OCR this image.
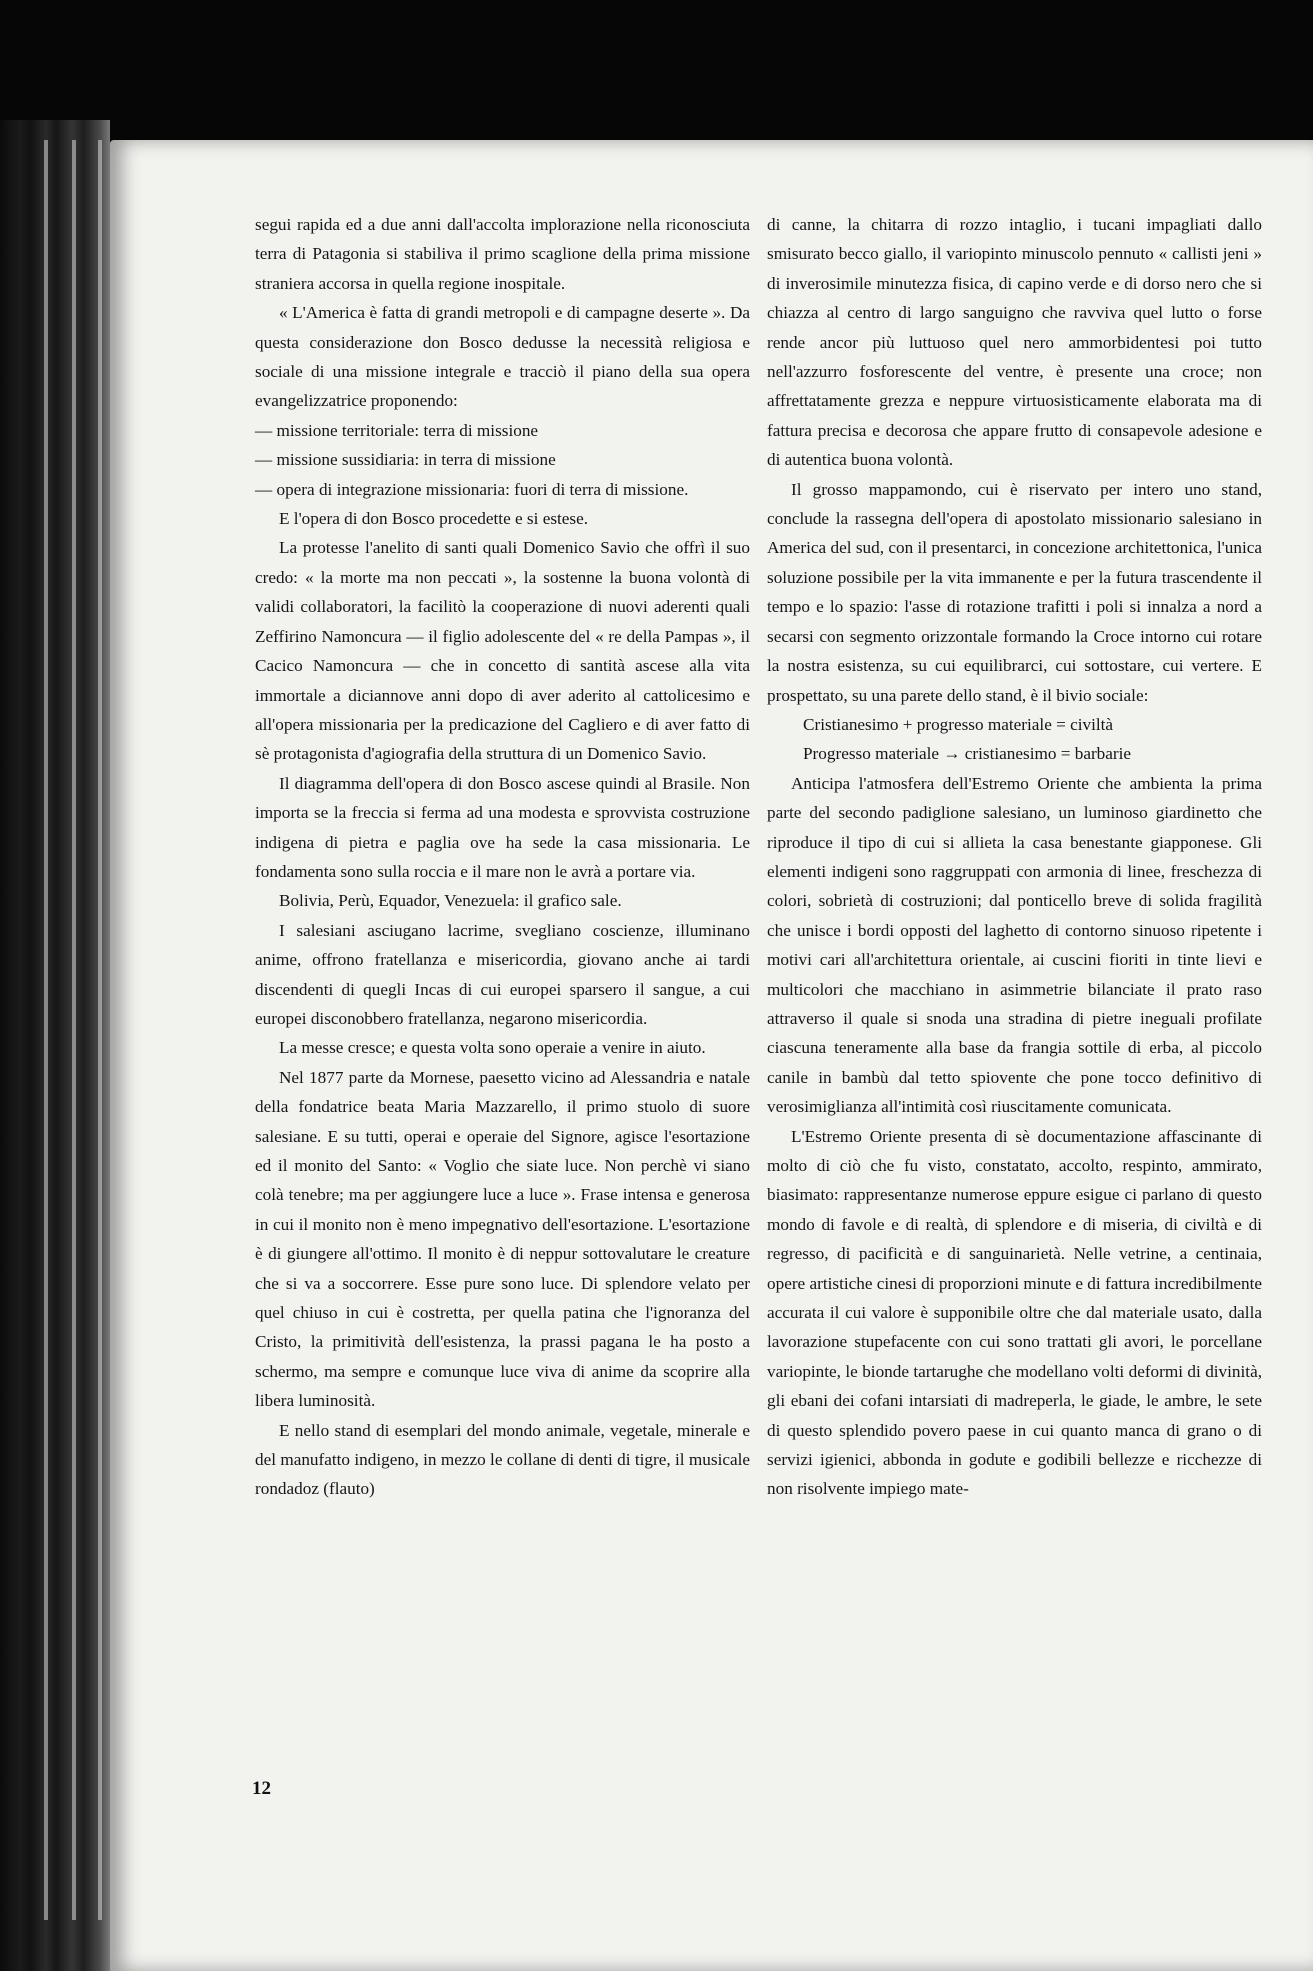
segui rapida ed a due anni dall'accolta implorazione nella riconosciuta terra di Patagonia si stabiliva il primo scaglione della prima missione straniera accorsa in quella regione inospitale.

« L'America è fatta di grandi metropoli e di campagne deserte ». Da questa considerazione don Bosco dedusse la necessità religiosa e sociale di una missione integrale e tracciò il piano della sua opera evangelizzatrice proponendo:

— missione territoriale: terra di missione

— missione sussidiaria: in terra di missione

— opera di integrazione missionaria: fuori di terra di missione.

E l'opera di don Bosco procedette e si estese.

La protesse l'anelito di santi quali Domenico Savio che offrì il suo credo: « la morte ma non peccati », la sostenne la buona volontà di validi collaboratori, la facilitò la cooperazione di nuovi aderenti quali Zeffirino Namoncura — il figlio adolescente del « re della Pampas », il Cacico Namoncura — che in concetto di santità ascese alla vita immortale a diciannove anni dopo di aver aderito al cattolicesimo e all'opera missionaria per la predicazione del Cagliero e di aver fatto di sè protagonista d'agiografia della struttura di un Domenico Savio.

Il diagramma dell'opera di don Bosco ascese quindi al Brasile. Non importa se la freccia si ferma ad una modesta e sprovvista costruzione indigena di pietra e paglia ove ha sede la casa missionaria. Le fondamenta sono sulla roccia e il mare non le avrà a portare via.

Bolivia, Perù, Equador, Venezuela: il grafico sale.

I salesiani asciugano lacrime, svegliano coscienze, illuminano anime, offrono fratellanza e misericordia, giovano anche ai tardi discendenti di quegli Incas di cui europei sparsero il sangue, a cui europei disconobbero fratellanza, negarono misericordia.

La messe cresce; e questa volta sono operaie a venire in aiuto.

Nel 1877 parte da Mornese, paesetto vicino ad Alessandria e natale della fondatrice beata Maria Mazzarello, il primo stuolo di suore salesiane. E su tutti, operai e operaie del Signore, agisce l'esortazione ed il monito del Santo: « Voglio che siate luce. Non perchè vi siano colà tenebre; ma per aggiungere luce a luce ». Frase intensa e generosa in cui il monito non è meno impegnativo dell'esortazione. L'esortazione è di giungere all'ottimo. Il monito è di neppur sottovalutare le creature che si va a soccorrere. Esse pure sono luce. Di splendore velato per quel chiuso in cui è costretta, per quella patina che l'ignoranza del Cristo, la primitività dell'esistenza, la prassi pagana le ha posto a schermo, ma sempre e comunque luce viva di anime da scoprire alla libera luminosità.

E nello stand di esemplari del mondo animale, vegetale, minerale e del manufatto indigeno, in mezzo le collane di denti di tigre, il musicale rondadoz (flauto)

di canne, la chitarra di rozzo intaglio, i tucani impagliati dallo smisurato becco giallo, il variopinto minuscolo pennuto « callisti jeni » di inverosimile minutezza fisica, di capino verde e di dorso nero che si chiazza al centro di largo sanguigno che ravviva quel lutto o forse rende ancor più luttuoso quel nero ammorbidentesi poi tutto nell'azzurro fosforescente del ventre, è presente una croce; non affrettatamente grezza e neppure virtuosisticamente elaborata ma di fattura precisa e decorosa che appare frutto di consapevole adesione e di autentica buona volontà.

Il grosso mappamondo, cui è riservato per intero uno stand, conclude la rassegna dell'opera di apostolato missionario salesiano in America del sud, con il presentarci, in concezione architettonica, l'unica soluzione possibile per la vita immanente e per la futura trascendente il tempo e lo spazio: l'asse di rotazione trafitti i poli si innalza a nord a secarsi con segmento orizzontale formando la Croce intorno cui rotare la nostra esistenza, su cui equilibrarci, cui sottostare, cui vertere. E prospettato, su una parete dello stand, è il bivio sociale:

Cristianesimo + progresso materiale = civiltà

Progresso materiale → cristianesimo = barbarie

Anticipa l'atmosfera dell'Estremo Oriente che ambienta la prima parte del secondo padiglione salesiano, un luminoso giardinetto che riproduce il tipo di cui si allieta la casa benestante giapponese. Gli elementi indigeni sono raggruppati con armonia di linee, freschezza di colori, sobrietà di costruzioni; dal ponticello breve di solida fragilità che unisce i bordi opposti del laghetto di contorno sinuoso ripetente i motivi cari all'architettura orientale, ai cuscini fioriti in tinte lievi e multicolori che macchiano in asimmetrie bilanciate il prato raso attraverso il quale si snoda una stradina di pietre ineguali profilate ciascuna teneramente alla base da frangia sottile di erba, al piccolo canile in bambù dal tetto spiovente che pone tocco definitivo di verosimiglianza all'intimità così riuscitamente comunicata.

L'Estremo Oriente presenta di sè documentazione affascinante di molto di ciò che fu visto, constatato, accolto, respinto, ammirato, biasimato: rappresentanze numerose eppure esigue ci parlano di questo mondo di favole e di realtà, di splendore e di miseria, di civiltà e di regresso, di pacificità e di sanguinarietà. Nelle vetrine, a centinaia, opere artistiche cinesi di proporzioni minute e di fattura incredibilmente accurata il cui valore è supponibile oltre che dal materiale usato, dalla lavorazione stupefacente con cui sono trattati gli avori, le porcellane variopinte, le bionde tartarughe che modellano volti deformi di divinità, gli ebani dei cofani intarsiati di madreperla, le giade, le ambre, le sete di questo splendido povero paese in cui quanto manca di grano o di servizi igienici, abbonda in godute e godibili bellezze e ricchezze di non risolvente impiego mate-

12
